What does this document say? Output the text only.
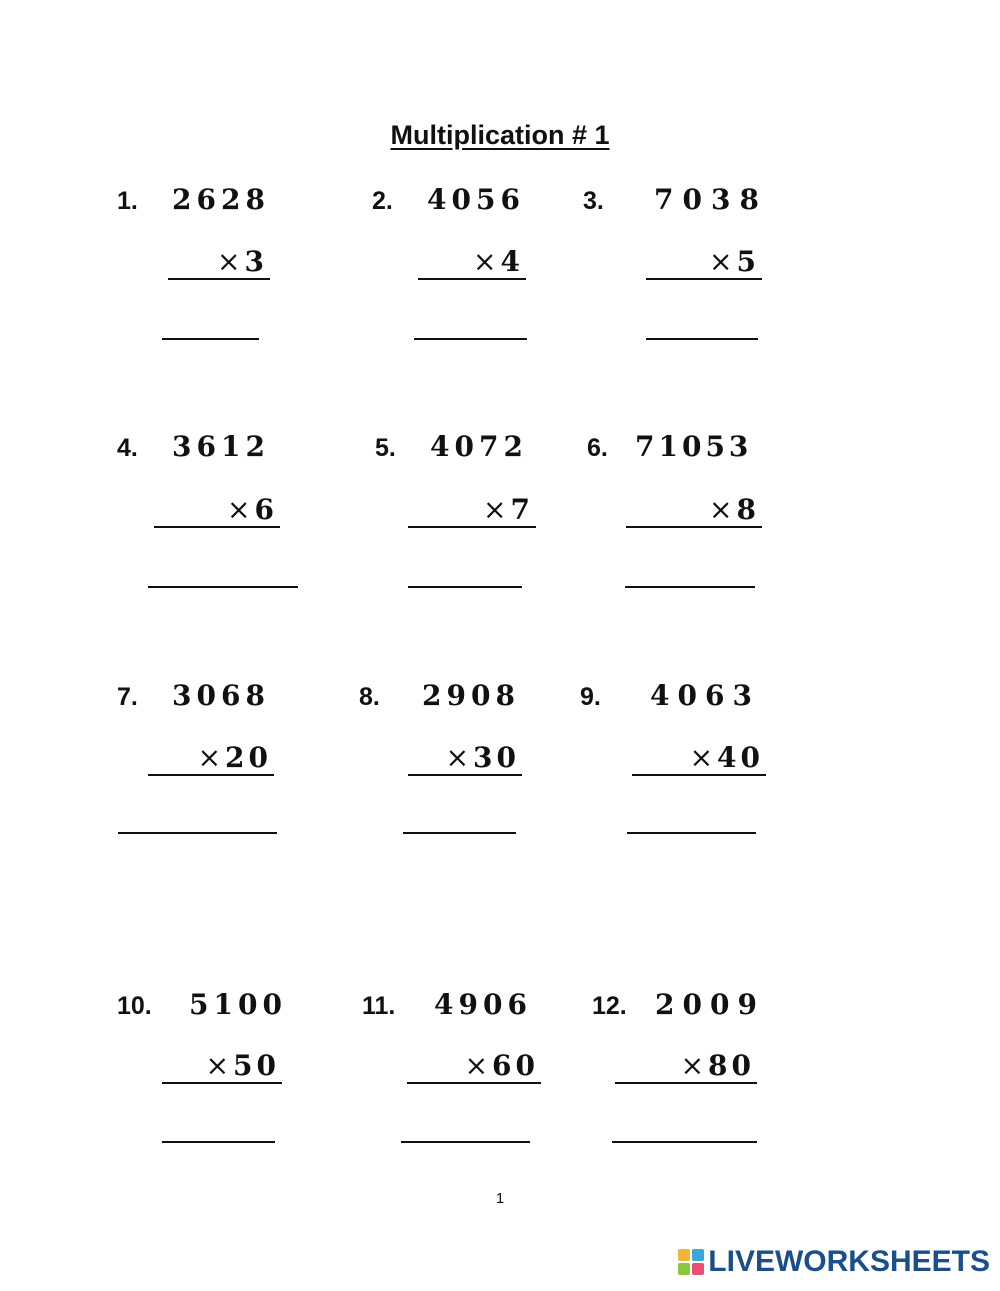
Multiplication # 1
1. 2628
× 3
2. 4056
× 4
3. 7038
× 5
4. 3612
× 6
5. 4072
× 7
6. 71053
× 8
7. 3068
× 20
8. 2908
× 30
9. 4063
× 40
10. 5100
× 50
11. 4906
× 60
12. 2009
× 80
1
LIVEWORKSHEETS
